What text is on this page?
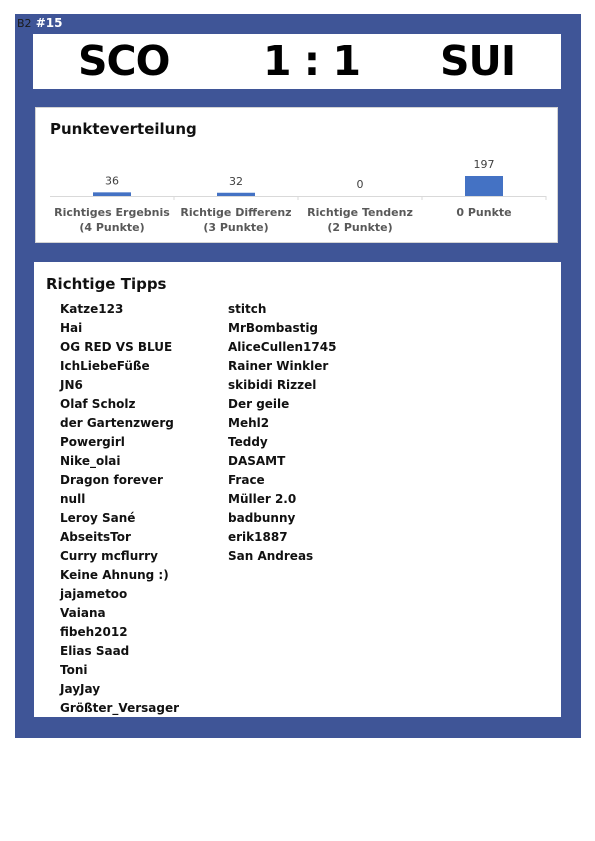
B2 #15
SCO 1 : 1 SUI
Punkteverteilung
36	32	0
197
Richtiges Ergebnis
(4 Punkte)
Richtige Differenz
(3 Punkte)
Richtige Tendenz
(2 Punkte)
0 Punkte
Richtige Tipps
Katze123
Hai
OG RED VS BLUE
IchLiebeFüße
JN6
Olaf Scholz
der Gartenzwerg
Powergirl
Nike_olai
Dragon forever
null
Leroy Sané
AbseitsTor
Curry mcflurry
Keine Ahnung :)
jajametoo
Vaiana
fibeh2012
Elias Saad
Toni
JayJay
Größter_Versager
stitch
MrBombastig
AliceCullen1745
Rainer Winkler
skibidi Rizzel
Der geile
Mehl2
Teddy
DASAMT
Frace
Müller 2.0
badbunny
erik1887
San Andreas
